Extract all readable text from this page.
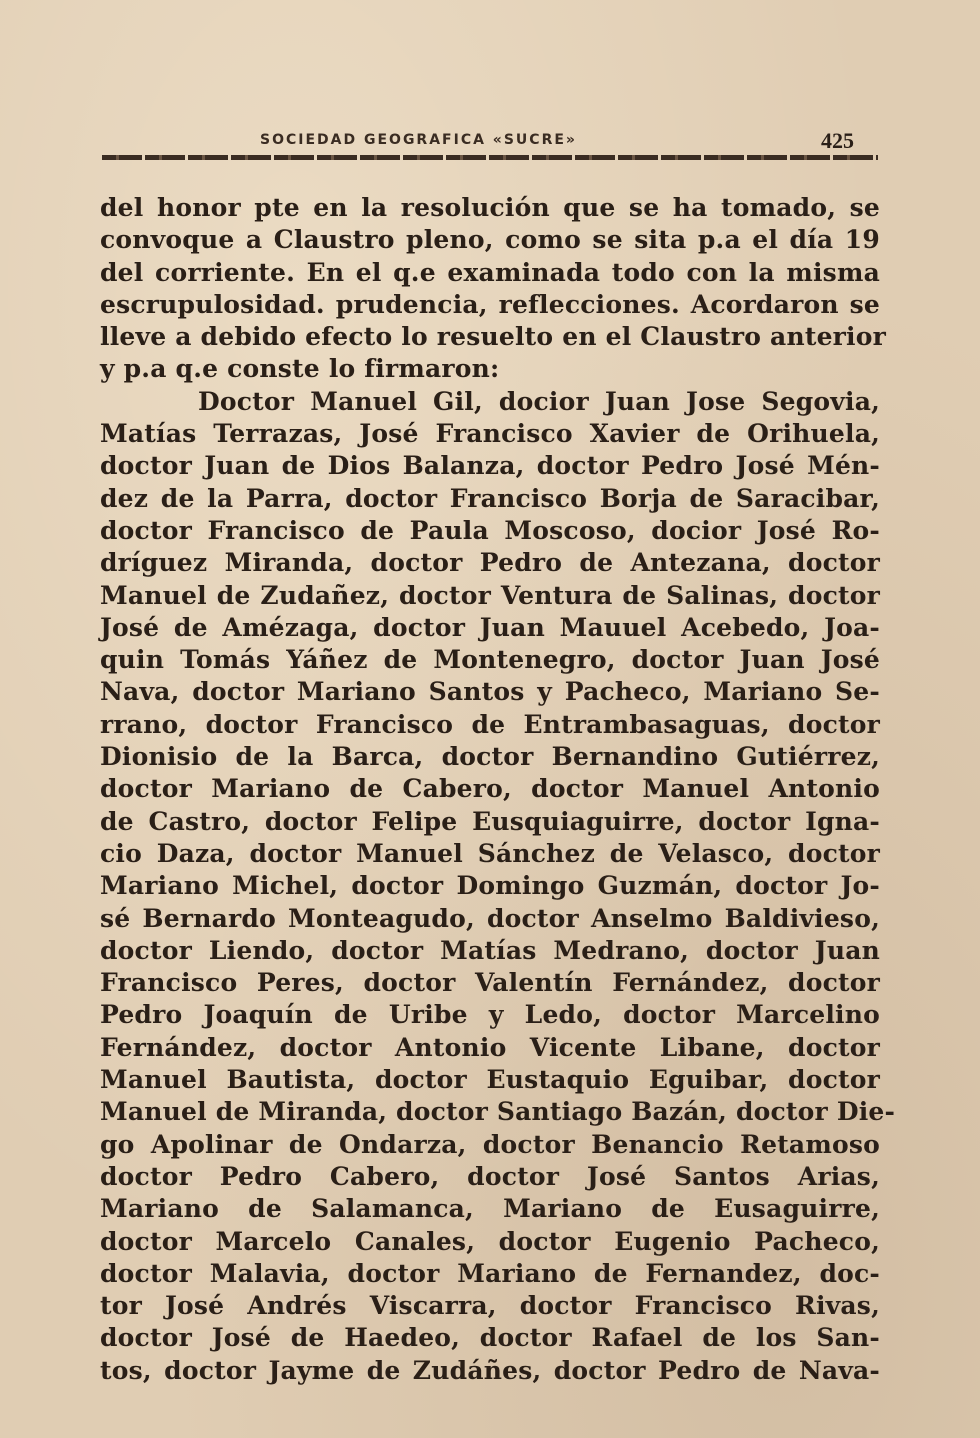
SOCIEDAD GEOGRAFICA «SUCRE»	425
del honor pte en la resolución que se ha tomado, se
convoque a Claustro pleno, como se sita p.a el día 19
del corriente. En el q.e examinada todo con la misma
escrupulosidad. prudencia, reflecciones. Acordaron se
lleve a debido efecto lo resuelto en el Claustro anterior
y p.a q.e conste lo firmaron:
Doctor Manuel Gil, docior Juan Jose Segovia,
Matías Terrazas, José Francisco Xavier de Orihuela,
doctor Juan de Dios Balanza, doctor Pedro José Mén-
dez de la Parra, doctor Francisco Borja de Saracibar,
doctor Francisco de Paula Moscoso, docior José Ro-
dríguez Miranda, doctor Pedro de Antezana, doctor
Manuel de Zudañez, doctor Ventura de Salinas, doctor
José de Amézaga, doctor Juan Mauuel Acebedo, Joa-
quin Tomás Yáñez de Montenegro, doctor Juan José
Nava, doctor Mariano Santos y Pacheco, Mariano Se-
rrano, doctor Francisco de Entrambasaguas, doctor
Dionisio de la Barca, doctor Bernandino Gutiérrez,
doctor Mariano de Cabero, doctor Manuel Antonio
de Castro, doctor Felipe Eusquiaguirre, doctor Igna-
cio Daza, doctor Manuel Sánchez de Velasco, doctor
Mariano Michel, doctor Domingo Guzmán, doctor Jo-
sé Bernardo Monteagudo, doctor Anselmo Baldivieso,
doctor Liendo, doctor Matías Medrano, doctor Juan
Francisco Peres, doctor Valentín Fernández, doctor
Pedro Joaquín de Uribe y Ledo, doctor Marcelino
Fernández, doctor Antonio Vicente Libane, doctor
Manuel Bautista, doctor Eustaquio Eguibar, doctor
Manuel de Miranda, doctor Santiago Bazán, doctor Die-
go Apolinar de Ondarza, doctor Benancio Retamoso
doctor Pedro Cabero, doctor José Santos Arias,
Mariano de Salamanca, Mariano de Eusaguirre,
doctor Marcelo Canales, doctor Eugenio Pacheco,
doctor Malavia, doctor Mariano de Fernandez, doc-
tor José Andrés Viscarra, doctor Francisco Rivas,
doctor José de Haedeo, doctor Rafael de los San-
tos, doctor Jayme de Zudáñes, doctor Pedro de Nava-
